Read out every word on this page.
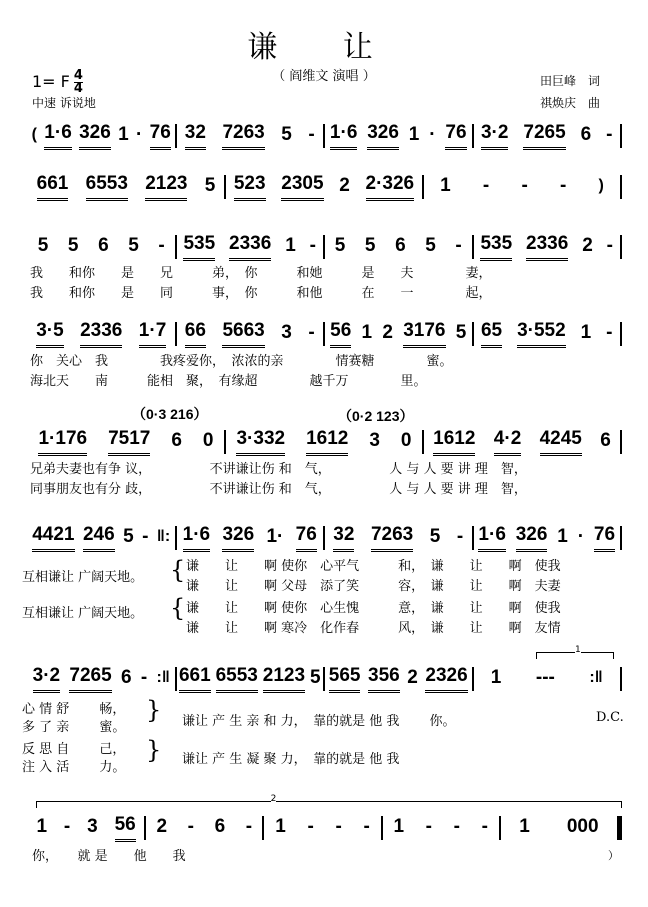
谦 让
（ 阎维文 演唱 ）
1= F $\frac{4}{4}$
中速 诉说地
田巨峰　词
祺焕庆　曲
( 1·6 326 1 · 76 32 7263 5 - 1·6 326 1 · 76 3·2 7265 6 -
661 6553 2123 5 523 2305 2 2·326 1 - - - )
5 5 6 5 - 535 2336 1 - 5 5 6 5 - 535 2336 2 -
3·5 2336 1·7 66 5663 3 - 56 1 2 3176 5 65 3·552 1 -
1·176 7517 6 0 3·332 1612 3 0 1612 4·2 4245 6
4421 246 5 - ‖: 1·6 326 1· 76 32 7263 5 - 1·6 326 1 · 76
3·2 7265 6 - :‖ 661 6553 2123 5 565 356 2 2326 1 --- :‖
1 - 3 56 2 - 6 - 1 - - - 1 - - - 1 000
（0·3 216）	（0·2 123）
1
2
我　　和你　　是　　兄　　　弟，　你　　　和她　　　是　　夫　　　　妻，
我　　和你　　是　　同　　　事，　你　　　和他　　　在　　一　　　　起，
你　关心　我　　　　我疼爱你，　浓浓的亲　　　　情赛糖　　　　蜜。
海北天　　南　　　能相　聚，　有缘超　　　　越千万　　　　里。
兄弟夫妻也有争 议，　　　　　不讲谦让伤 和　气，　　　　　人 与 人 要 讲 理　智，
同事朋友也有分 歧，　　　　　不讲谦让伤 和　气，　　　　　人 与 人 要 讲 理　智，
互相谦让 广阔天地。
互相谦让 广阔天地。
{
{
谦　　让　　啊 使你　心平气　　　和，　谦　　让　　啊　使我
谦　　让　　啊 父母　添了笑　　　容，　谦　　让　　啊　夫妻
谦　　让　　啊 使你　心生愧　　　意，　谦　　让　　啊　使我
谦　　让　　啊 寒冷　化作春　　　风，　谦　　让　　啊　友情
心 情 舒　　 畅，
多 了 亲　　 蜜。
反 思 自　　 己，
注 入 活　　 力。
}
}
谦让 产 生 亲 和 力，　靠的就是 他 我　　 你。
谦让 产 生 凝 聚 力，　靠的就是 他 我
D.C.
你，　　就 是　　他　　我	）
